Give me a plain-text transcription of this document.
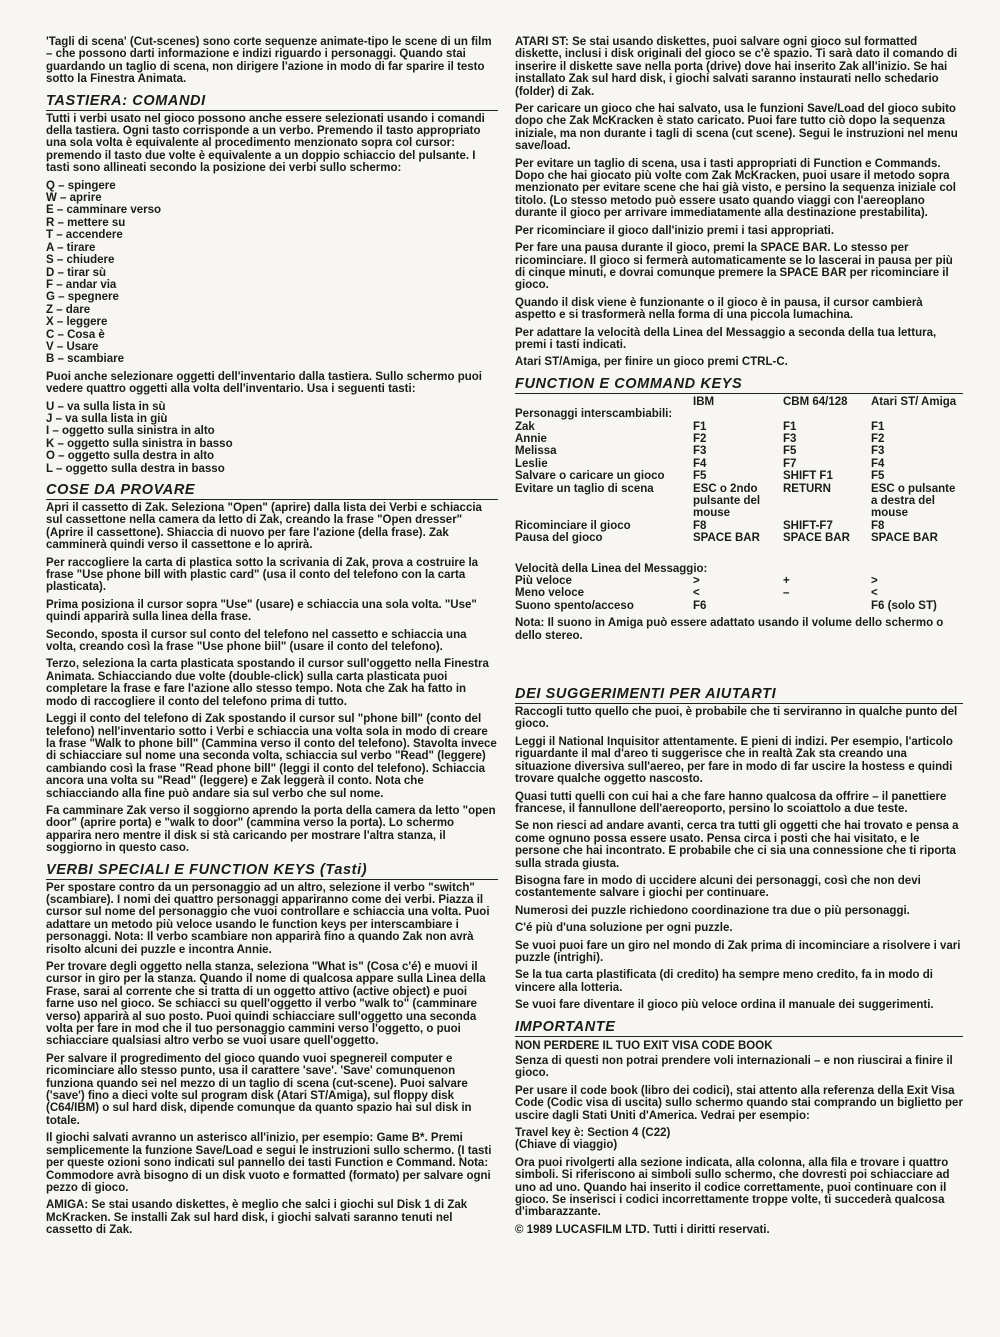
'Tagli di scena' (Cut-scenes) sono corte sequenze animate-tipo le scene di un film – che possono darti informazione e indizi riguardo i personaggi. Quando stai guardando un taglio di scena, non dirigere l'azione in modo di far sparire il testo sotto la Finestra Animata.

TASTIERA: COMANDI

Tutti i verbi usato nel gioco possono anche essere selezionati usando i comandi della tastiera. Ogni tasto corrisponde a un verbo. Premendo il tasto appropriato una sola volta è equivalente al procedimento menzionato sopra col cursor: premendo il tasto due volte è equivalente a un doppio schiaccio del pulsante. I tasti sono allineati secondo la posizione dei verbi sullo schermo:

Q – spingere
W – aprire
E – camminare verso
R – mettere su
T – accendere
A – tirare
S – chiudere
D – tirar sù
F – andar via
G – spegnere
Z – dare
X – leggere
C – Cosa è
V – Usare
B – scambiare

Puoi anche selezionare oggetti dell'inventario dalla tastiera. Sullo schermo puoi vedere quattro oggetti alla volta dell'inventario. Usa i seguenti tasti:

U – va sulla lista in sù
J – va sulla lista in giù
I – oggetto sulla sinistra in alto
K – oggetto sulla sinistra in basso
O – oggetto sulla destra in alto
L – oggetto sulla destra in basso
COSE DA PROVARE

Apri il cassetto di Zak. Seleziona "Open" (aprire) dalla lista dei Verbi e schiaccia sul cassettone nella camera da letto di Zak, creando la frase "Open dresser" (Aprire il cassettone). Shiaccia di nuovo per fare l'azione (della frase). Zak camminerà quindi verso il cassettone e lo aprirà.

Per raccogliere la carta di plastica sotto la scrivania di Zak, prova a costruire la frase "Use phone bill with plastic card" (usa il conto del telefono con la carta plasticata).

Prima posiziona il cursor sopra "Use" (usare) e schiaccia una sola volta. "Use" quindi apparirà sulla linea della frase.

Secondo, sposta il cursor sul conto del telefono nel cassetto e schiaccia una volta, creando così la frase "Use phone biil" (usare il conto del telefono).

Terzo, seleziona la carta plasticata spostando il cursor sull'oggetto nella Finestra Animata. Schiacciando due volte (double-click) sulla carta plasticata puoi completare la frase e fare l'azione allo stesso tempo. Nota che Zak ha fatto in modo di raccogliere il conto del telefono prima di tutto.

Leggi il conto del telefono di Zak spostando il cursor sul "phone bill" (conto del telefono) nell'inventario sotto i Verbi e schiaccia una volta sola in modo di creare la frase "Walk to phone bill" (Cammina verso il conto del telefono). Stavolta invece di schiacciare sul nome una seconda volta, schiaccia sul verbo "Read" (leggere) cambiando così la frase "Read phone bill" (leggi il conto del telefono). Schiaccia ancora una volta su "Read" (leggere) e Zak leggerà il conto. Nota che schiacciando alla fine può andare sia sul verbo che sul nome.

Fa camminare Zak verso il soggiorno aprendo la porta della camera da letto "open door" (aprire porta) e "walk to door" (cammina verso la porta). Lo schermo apparira nero mentre il disk si stà caricando per mostrare l'altra stanza, il soggiorno in questo caso.

VERBI SPECIALI E FUNCTION KEYS (Tasti)

Per spostare contro da un personaggio ad un altro, selezione il verbo "switch" (scambiare). I nomi dei quattro personaggi appariranno come dei verbi. Piazza il cursor sul nome del personaggio che vuoi controllare e schiaccia una volta. Puoi adattare un metodo più veloce usando le function keys per interscambiare i personaggi. Nota: Il verbo scambiare non apparirà fino a quando Zak non avrà risolto alcuni dei puzzle e incontra Annie.

Per trovare degli oggetto nella stanza, seleziona "What is" (Cosa c'é) e muovi il cursor in giro per la stanza. Quando il nome di qualcosa appare sulla Linea della Frase, sarai al corrente che si tratta di un oggetto attivo (active object) e puoi farne uso nel gioco. Se schiacci su quell'oggetto il verbo "walk to" (camminare verso) apparirà al suo posto. Puoi quindi schiacciare sull'oggetto una seconda volta per fare in mod che il tuo personaggio cammini verso l'oggetto, o puoi schiacciare qualsiasi altro verbo se vuoi usare quell'oggetto.

Per salvare il progredimento del gioco quando vuoi spegnereil computer e ricominciare allo stesso punto, usa il carattere 'save'. 'Save' comunquenon funziona quando sei nel mezzo di un taglio di scena (cut-scene). Puoi salvare ('save') fino a dieci volte sul program disk (Atari ST/Amiga), sul floppy disk (C64/IBM) o sul hard disk, dipende comunque da quanto spazio hai sul disk in totale.

Il giochi salvati avranno un asterisco all'inizio, per esempio: Game B*. Premi semplicemente la funzione Save/Load e segui le instruzioni sullo schermo. (I tasti per queste ozioni sono indicati sul pannello dei tasti Function e Command. Nota: Commodore avrà bisogno di un disk vuoto e formatted (formato) per salvare ogni pezzo di gioco.

AMIGA: Se stai usando diskettes, è meglio che salci i giochi sul Disk 1 di Zak McKracken. Se installi Zak sul hard disk, i giochi salvati saranno tenuti nel cassetto di Zak.

ATARI ST: Se stai usando diskettes, puoi salvare ogni gioco sul formatted diskette, inclusi i disk originali del gioco se c'è spazio. Ti sarà dato il comando di inserire il diskette save nella porta (drive) dove hai inserito Zak all'inizio. Se hai installato Zak sul hard disk, i giochi salvati saranno instaurati nello schedario (folder) di Zak.

Per caricare un gioco che hai salvato, usa le funzioni Save/Load del gioco subito dopo che Zak McKracken è stato caricato. Puoi fare tutto ciò dopo la sequenza iniziale, ma non durante i tagli di scena (cut scene). Segui le instruzioni nel menu save/load.

Per evitare un taglio di scena, usa i tasti appropriati di Function e Commands. Dopo che hai giocato più volte com Zak McKracken, puoi usare il metodo sopra menzionato per evitare scene che hai già visto, e persino la sequenza iniziale col titolo. (Lo stesso metodo può essere usato quando viaggi con l'aereoplano durante il gioco per arrivare immediatamente alla destinazione prestabilita).

Per ricominciare il gioco dall'inizio premi i tasi appropriati.

Per fare una pausa durante il gioco, premi la SPACE BAR. Lo stesso per ricominciare. Il gioco si fermerà automaticamente se lo lascerai in pausa per più di cinque minuti, e dovrai comunque premere la SPACE BAR per ricominciare il gioco.

Quando il disk viene è funzionante o il gioco è in pausa, il cursor cambierà aspetto e si trasformerà nella forma di una piccola lumachina.

Per adattare la velocità della Linea del Messaggio a seconda della tua lettura, premi i tasti indicati.

Atari ST/Amiga, per finire un gioco premi CTRL-C.

FUNCTION E COMMAND KEYS
	IBM	CBM 64/128	Atari ST/ Amiga
Personaggi interscambiabili:			
Zak	F1	F1	F1
Annie	F2	F3	F2
Melissa	F3	F5	F3
Leslie	F4	F7	F4
Salvare o caricare un gioco	F5	SHIFT F1	F5
Evitare un taglio di scena	ESC o 2ndo pulsante del mouse	RETURN	ESC o pulsante a destra del mouse
Ricominciare il gioco	F8	SHIFT-F7	F8
Pausa del gioco	SPACE BAR	SPACE BAR	SPACE BAR

Velocità della Linea del Messaggio:			
Più veloce	>	+	>
Meno veloce	<	–	<
Suono spento/acceso	F6		F6 (solo ST)

Nota: Il suono in Amiga può essere adattato usando il volume dello schermo o dello stereo.

DEI SUGGERIMENTI PER AIUTARTI

Raccogli tutto quello che puoi, è probabile che ti serviranno in qualche punto del gioco.

Leggi il National Inquisitor attentamente. E pieni di indizi. Per esempio, l'articolo riguardante il mal d'areo ti suggerisce che in realtà Zak sta creando una situazione diversiva sull'aereo, per fare in modo di far uscire la hostess e quindi trovare qualche oggetto nascosto.

Quasi tutti quelli con cui hai a che fare hanno qualcosa da offrire – il panettiere francese, il fannullone dell'aereoporto, persino lo scoiattolo a due teste.

Se non riesci ad andare avanti, cerca tra tutti gli oggetti che hai trovato e pensa a come ognuno possa essere usato. Pensa circa i posti che hai visitato, e le persone che hai incontrato. E probabile che ci sia una connessione che ti riporta sulla strada giusta.

Bisogna fare in modo di uccidere alcuni dei personaggi, così che non devi costantemente salvare i giochi per continuare.

Numerosi dei puzzle richiedono coordinazione tra due o più personaggi.

C'é più d'una soluzione per ogni puzzle.

Se vuoi puoi fare un giro nel mondo di Zak prima di incominciare a risolvere i vari puzzle (intrighi).

Se la tua carta plastificata (di credito) ha sempre meno credito, fa in modo di vincere alla lotteria.

Se vuoi fare diventare il gioco più veloce ordina il manuale dei suggerimenti.

IMPORTANTE
NON PERDERE IL TUO EXIT VISA CODE BOOK

Senza di questi non potrai prendere voli internazionali – e non riuscirai a finire il gioco.

Per usare il code book (libro dei codici), stai attento alla referenza della Exit Visa Code (Codic visa di uscita) sullo schermo quando stai comprando un biglietto per uscire dagli Stati Uniti d'America. Vedrai per esempio:

Travel key è: Section 4 (C22)

(Chiave di viaggio)

Ora puoi rivolgerti alla sezione indicata, alla colonna, alla fila e trovare i quattro simboli. Si riferiscono ai simboli sullo schermo, che dovresti poi schiacciare ad uno ad uno. Quando hai inserito il codice correttamente, puoi continuare con il gioco. Se inserisci i codici incorrettamente troppe volte, ti succederà qualcosa d'imbarazzante.

© 1989 LUCASFILM LTD. Tutti i diritti reservati.
